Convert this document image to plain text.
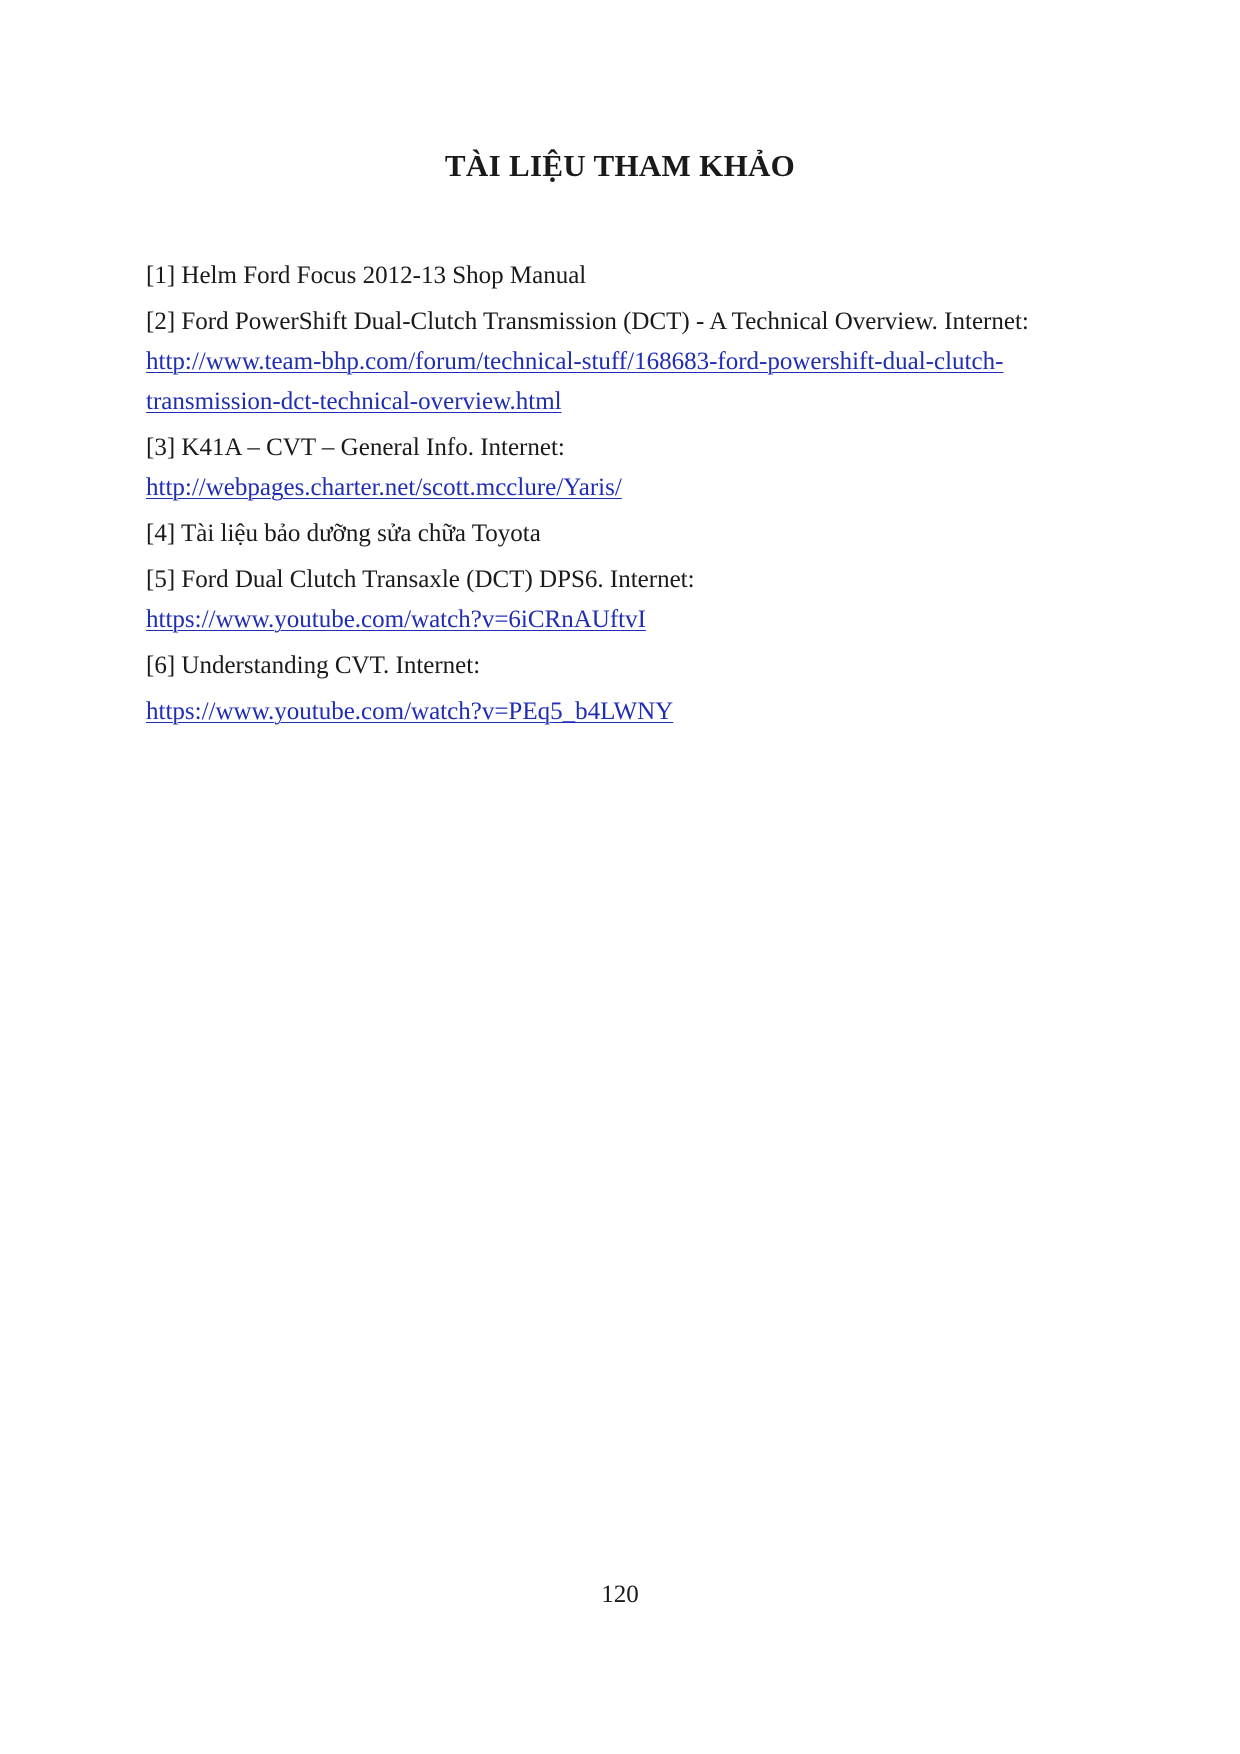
TÀI LIỆU THAM KHẢO
[1] Helm Ford Focus 2012-13 Shop Manual
[2] Ford PowerShift Dual-Clutch Transmission (DCT) - A Technical Overview. Internet:
http://www.team-bhp.com/forum/technical-stuff/168683-ford-powershift-dual-clutch-
transmission-dct-technical-overview.html
[3] K41A – CVT – General Info. Internet:
http://webpages.charter.net/scott.mcclure/Yaris/
[4] Tài liệu bảo dưỡng sửa chữa Toyota
[5] Ford Dual Clutch Transaxle (DCT) DPS6. Internet:
https://www.youtube.com/watch?v=6iCRnAUftvI
[6] Understanding CVT. Internet:
https://www.youtube.com/watch?v=PEq5_b4LWNY
120
